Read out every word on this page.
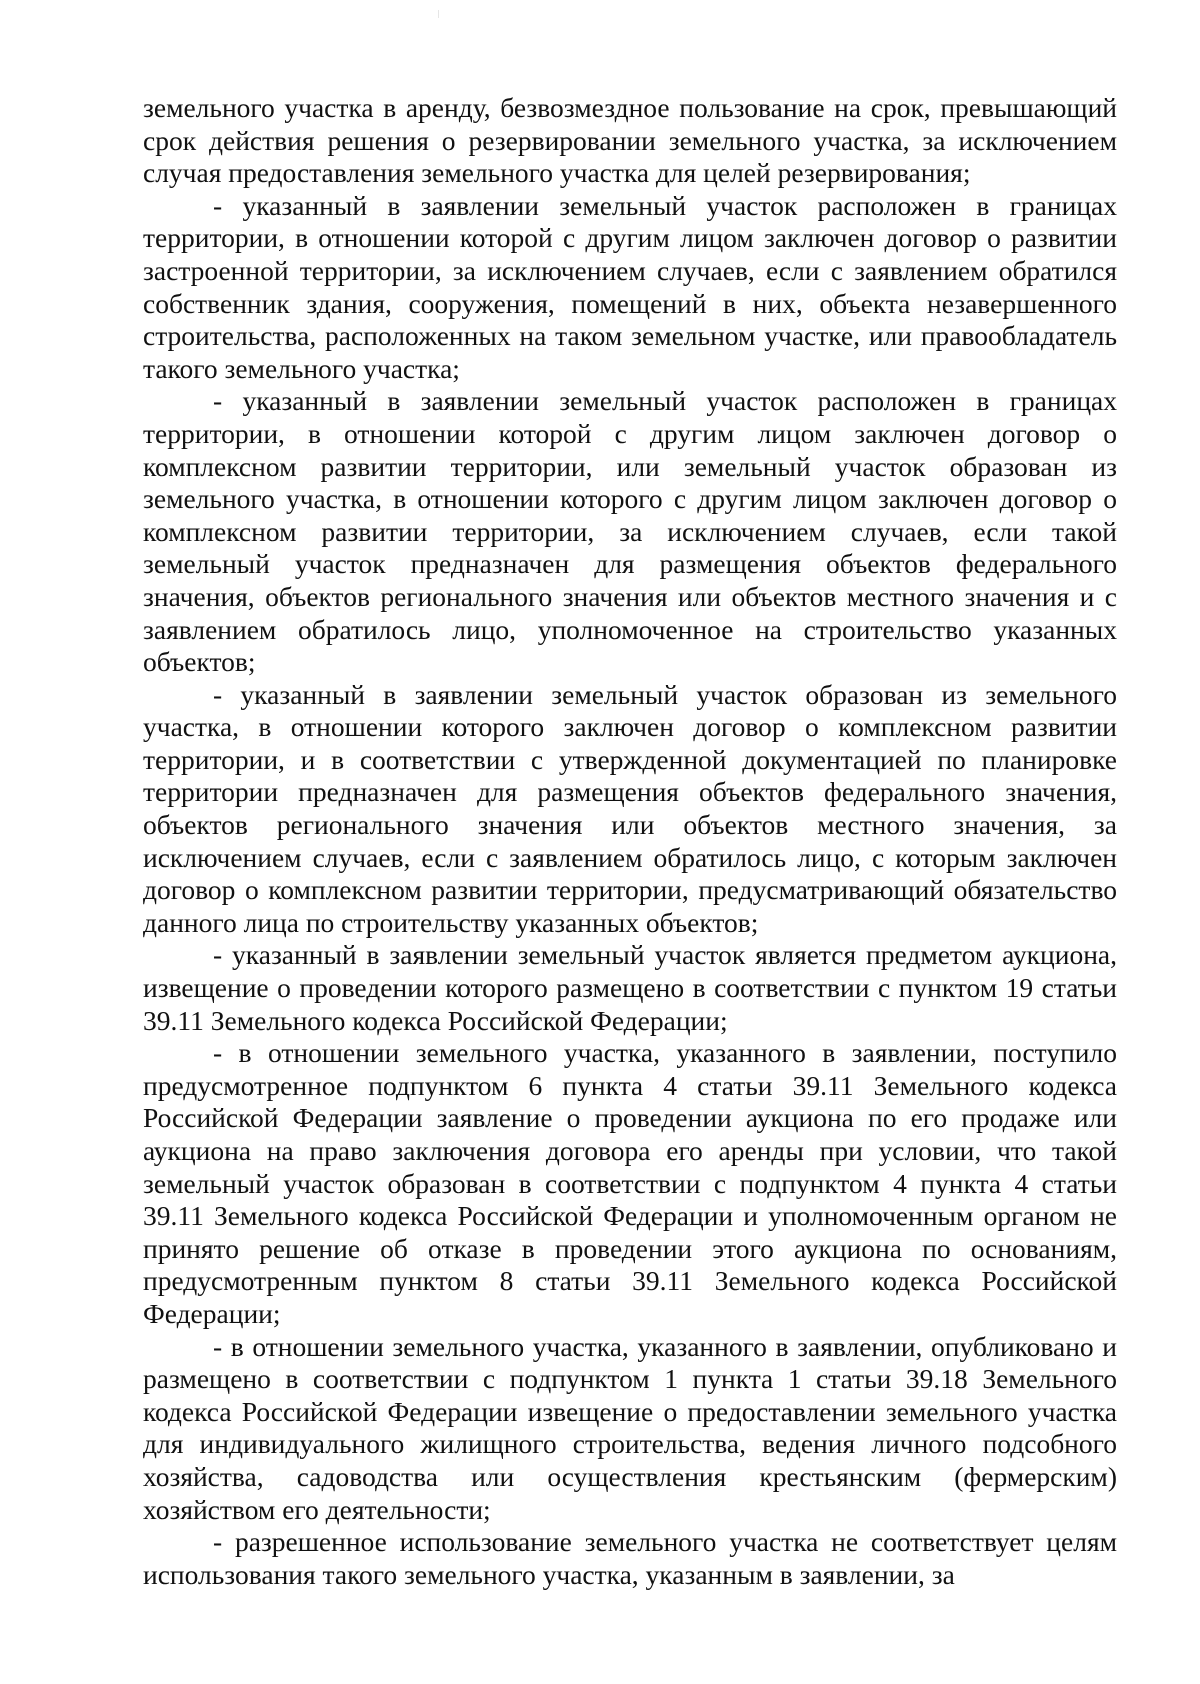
земельного участка в аренду, безвозмездное пользование на срок, превышающий срок действия решения о резервировании земельного участка, за исключением случая предоставления земельного участка для целей резервирования;

- указанный в заявлении земельный участок расположен в границах территории, в отношении которой с другим лицом заключен договор о развитии застроенной территории, за исключением случаев, если с заявлением обратился собственник здания, сооружения, помещений в них, объекта незавершенного строительства, расположенных на таком земельном участке, или правообладатель такого земельного участка;

- указанный в заявлении земельный участок расположен в границах территории, в отношении которой с другим лицом заключен договор о комплексном развитии территории, или земельный участок образован из земельного участка, в отношении которого с другим лицом заключен договор о комплексном развитии территории, за исключением случаев, если такой земельный участок предназначен для размещения объектов федерального значения, объектов регионального значения или объектов местного значения и с заявлением обратилось лицо, уполномоченное на строительство указанных объектов;

- указанный в заявлении земельный участок образован из земельного участка, в отношении которого заключен договор о комплексном развитии территории, и в соответствии с утвержденной документацией по планировке территории предназначен для размещения объектов федерального значения, объектов регионального значения или объектов местного значения, за исключением случаев, если с заявлением обратилось лицо, с которым заключен договор о комплексном развитии территории, предусматривающий обязательство данного лица по строительству указанных объектов;

- указанный в заявлении земельный участок является предметом аукциона, извещение о проведении которого размещено в соответствии с пунктом 19 статьи 39.11 Земельного кодекса Российской Федерации;

- в отношении земельного участка, указанного в заявлении, поступило предусмотренное подпунктом 6 пункта 4 статьи 39.11 Земельного кодекса Российской Федерации заявление о проведении аукциона по его продаже или аукциона на право заключения договора его аренды при условии, что такой земельный участок образован в соответствии с подпунктом 4 пункта 4 статьи 39.11 Земельного кодекса Российской Федерации и уполномоченным органом не принято решение об отказе в проведении этого аукциона по основаниям, предусмотренным пунктом 8 статьи 39.11 Земельного кодекса Российской Федерации;

- в отношении земельного участка, указанного в заявлении, опубликовано и размещено в соответствии с подпунктом 1 пункта 1 статьи 39.18 Земельного кодекса Российской Федерации извещение о предоставлении земельного участка для индивидуального жилищного строительства, ведения личного подсобного хозяйства, садоводства или осуществления крестьянским (фермерским) хозяйством его деятельности;

- разрешенное использование земельного участка не соответствует целям использования такого земельного участка, указанным в заявлении, за
